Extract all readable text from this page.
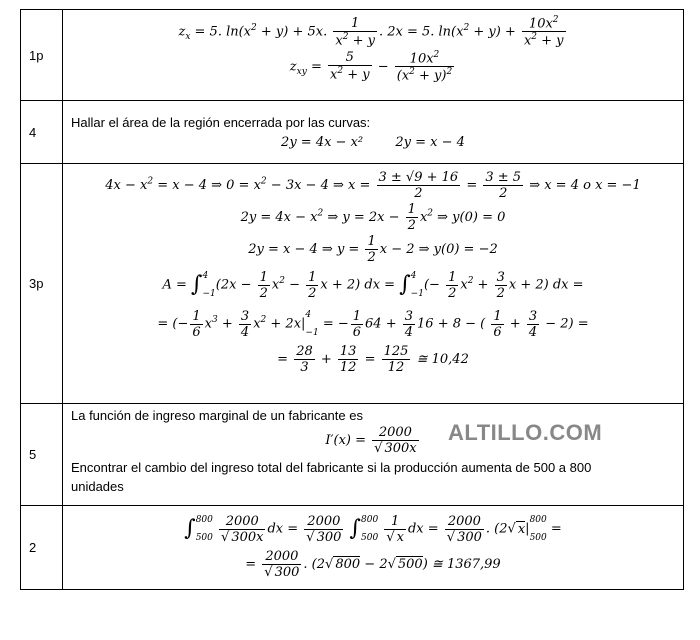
1p
$z_x = 5$. $\ln(x^2 + y) + 5x$. $\frac{1}{x^2 + y}$ . 2x = 5. $\ln(x^2 + y) + \frac{10x^2}{x^2 + y}$
$z_{xy} = \frac{5}{x^2 + y} - \frac{10x^2}{(x^2 + y)^2}$
4
Hallar el área de la región encerrada por las curvas:
2y = 4x − x² 2y = x − 4
3p
$4x - x^2 = x - 4$ ⇒ $0 = x^2 - 3x - 4$ ⇒ $x = \frac{3 \pm √9 + 16}{2} = \frac{3 \pm 5}{2}$ ⇒ x = 4 o x = −1
$2y = 4x - x^2$ ⇒ $y = 2x - \frac{1}{2} x^2$ ⇒ y(0) = 0
2y = x − 4 ⇒ $y = \frac{1}{2}$ x − 2 ⇒ y(0) = −2
A = ∫ 4
−1
($2x - \frac{1}{2} x^2 - \frac{1}{2}$ x + 2) dx = ∫ 4
−1
(− $\frac{1}{2} x^2 + \frac{3}{2}$ x + 2) dx =
= (− $\frac{1}{6} x^3 + \frac{3}{4} x^2 + 2x|$
4
−1
= − $\frac{1}{6} 64 + \frac{3}{4} 16 + 8$ − ( $\frac{1}{6} + \frac{3}{4} - 2$) =
= $\frac{28}{3} + \frac{13}{12} = \frac{125}{12}$ ≅ 10,42
5
La función de ingreso marginal de un fabricante es
$I'(x) = \frac{2000}{√ 300x}$
Encontrar el cambio del ingreso total del fabricante si la producción aumenta de 500 a 800 unidades
2
∫ 800
500
$\frac{2000}{√ 300x}$ dx = $\frac{2000}{√ 300}$ ∫ 800
500
$\frac{1}{√ x}$ dx = $\frac{2000}{√ 300}$ . (2√ x|
800
500
=
= $\frac{2000}{√ 300}$ . (2√ 800 − 2√ 500) ≅ 1367,99
ALTILLO.COM
